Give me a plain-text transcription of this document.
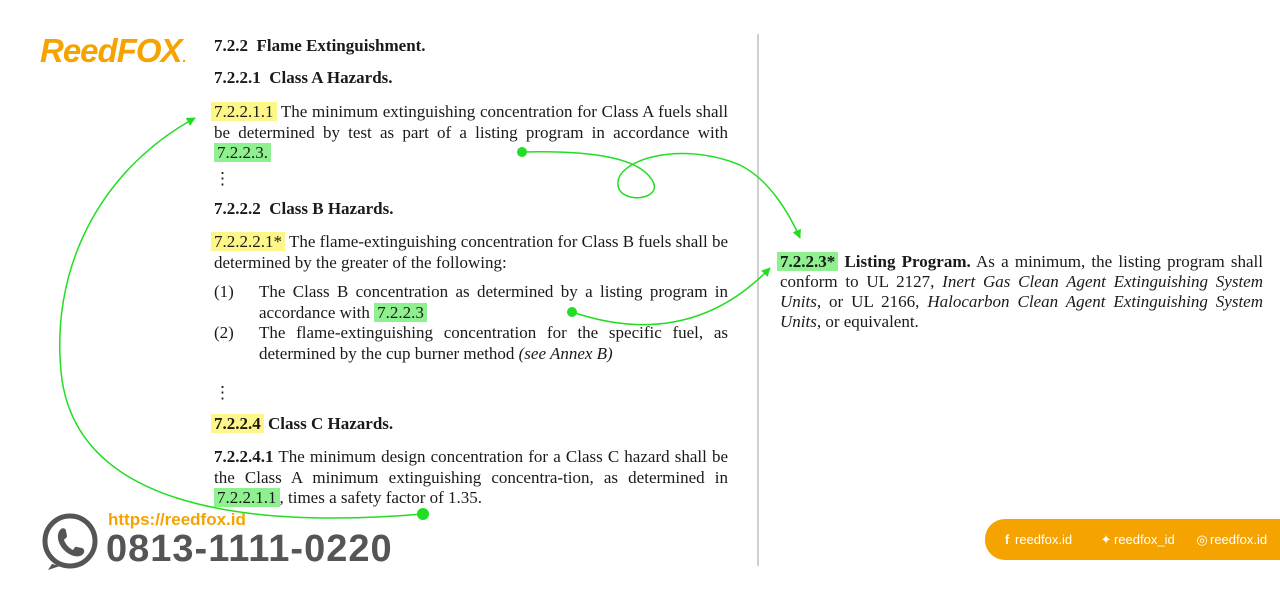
ReedFOX.
7.2.2 Flame Extinguishment.
7.2.2.1 Class A Hazards.
7.2.2.1.1 The minimum extinguishing concentration for Class A fuels shall be determined by test as part of a listing program in accordance with 7.2.2.3.
⋮
7.2.2.2 Class B Hazards.
7.2.2.2.1* The flame-extinguishing concentration for Class B fuels shall be determined by the greater of the following:
(1) The Class B concentration as determined by a listing program in accordance with 7.2.2.3
(2) The flame-extinguishing concentration for the specific fuel, as determined by the cup burner method (see Annex B)
⋮
7.2.2.4 Class C Hazards.
7.2.2.4.1 The minimum design concentration for a Class C hazard shall be the Class A minimum extinguishing concentra-tion, as determined in 7.2.2.1.1 , times a safety factor of 1.35.
7.2.2.3* Listing Program. As a minimum, the listing program shall conform to UL 2127, Inert Gas Clean Agent Extinguishing System Units, or UL 2166, Halocarbon Clean Agent Extinguishing System Units, or equivalent.
https://reedfox.id
0813-1111-0220	f reedfox.id ✦ reedfox_id ◎ reedfox.id
